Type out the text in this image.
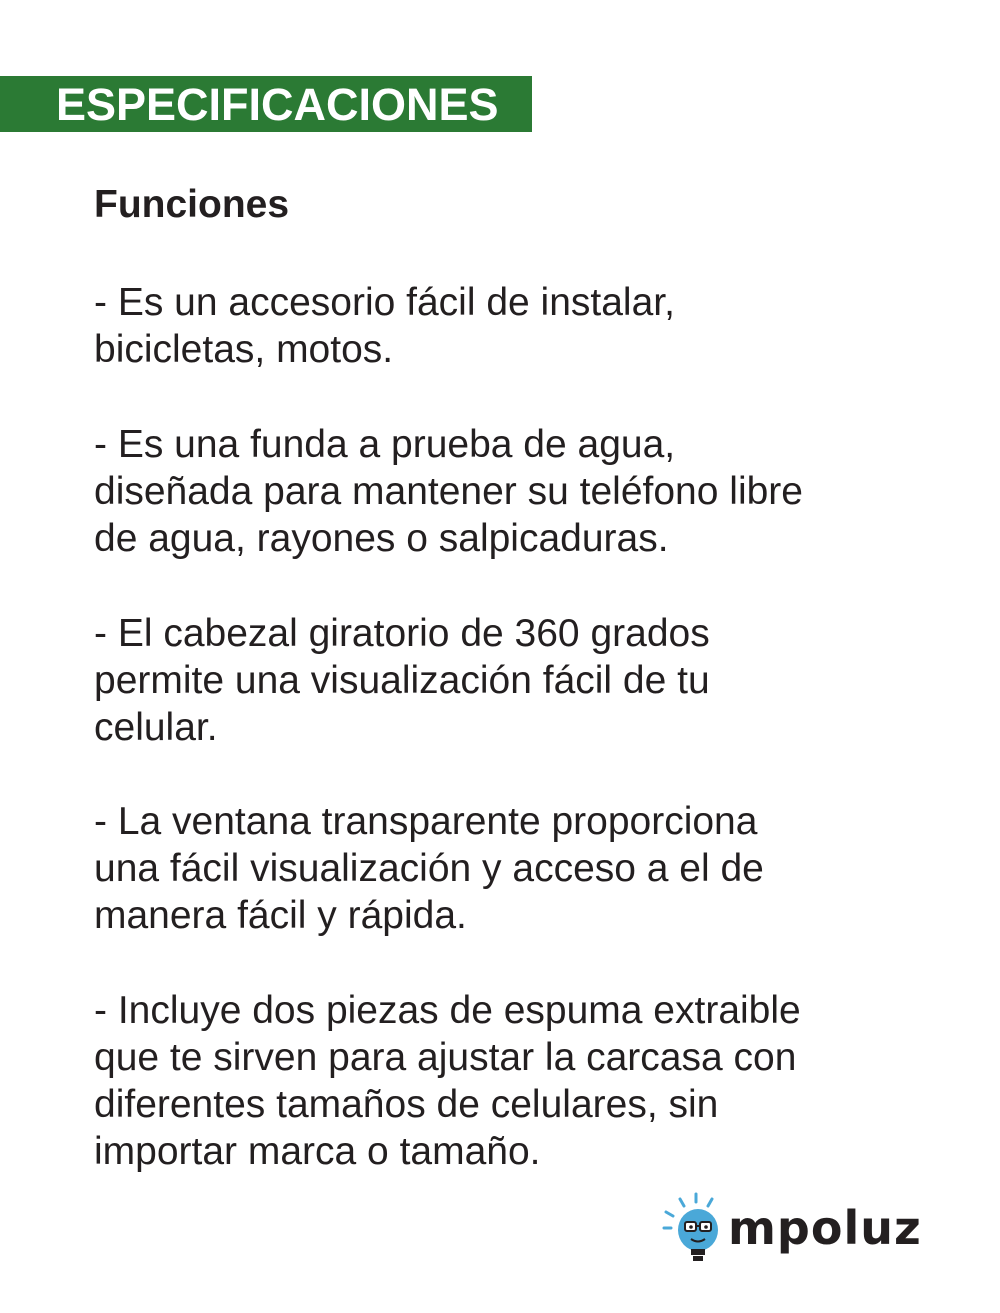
ESPECIFICACIONES
Funciones
- Es un accesorio fácil de instalar,
bicicletas, motos.
- Es una funda a prueba de agua,
diseñada para mantener su teléfono libre
de agua, rayones o salpicaduras.
- El cabezal giratorio de 360 grados
permite una visualización fácil de tu
celular.
- La ventana transparente proporciona
una fácil visualización y acceso a el de
manera fácil y rápida.
- Incluye dos piezas de espuma extraible
que te sirven para ajustar la carcasa con
diferentes tamaños de celulares, sin
importar marca o tamaño.
mpoluz
